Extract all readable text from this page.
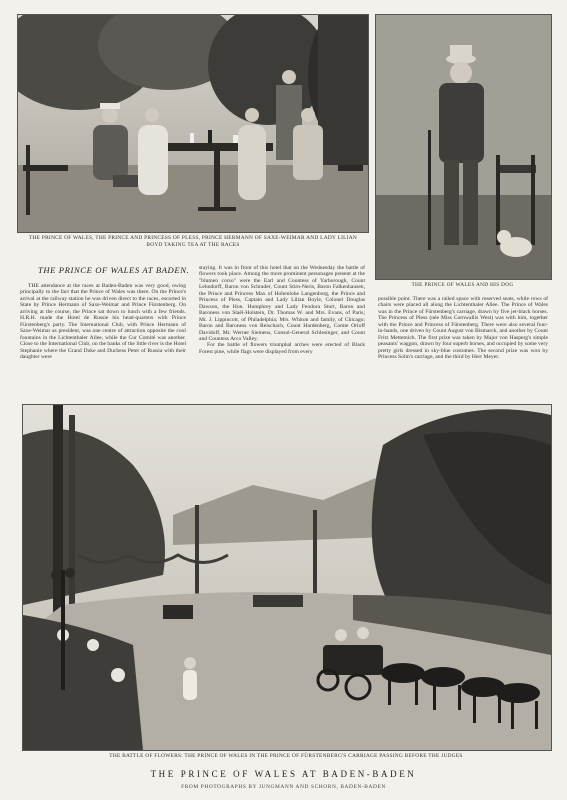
THE PRINCE OF WALES, THE PRINCE AND PRINCESS OF PLESS, PRINCE HERMANN OF SAXE-WEIMAR AND LADY LILIAN BOYD TAKING TEA AT THE RACES
THE PRINCE OF WALES AND HIS DOG
THE PRINCE OF WALES AT BADEN.

THE attendance at the races at Baden-Baden was very good, owing principally to the fact that the Prince of Wales was there. On the Prince's arrival at the railway station he was driven direct to the races, escorted in State by Prince Hermann of Saxe-Weimar and Prince Fürstenberg. On arriving at the course, the Prince sat down to lunch with a few friends. H.R.H. made the Hotel de Russie his head-quarters with Prince Fürstenberg's party. The International Club, with Prince Hermann of Saxe-Weimar as president, was one centre of attraction opposite the cool fountains in the Lichtenthaler Allee, while the Cur Comité was another. Close to the International Club, on the banks of the little river is the Hotel Stephanie where the Grand Duke and Duchess Peter of Russia with their daughter were

staying. It was in front of this hotel that on the Wednesday the battle of flowers took place. Among the more prominent personages present at the "blumen corso" were the Earl and Countess of Yarborough, Count Lehndorff, Baron von Schrader, Count Stirn-Neris, Baron Falkenhausen, the Prince and Princess Max of Hohenlohe Langenburg, the Prince and Princess of Pless, Captain and Lady Lilian Boyle, Colonel Douglas Dawson, the Hon. Humphrey and Lady Feodora Sturt, Baron and Baroness von Staël-Holstein, Dr. Thomas W. and Mrs. Evans, of Paris; Mr. J. Lippincott, of Philadelphia; Mrs. Whiton and family, of Chicago; Baron and Baroness von Reischach, Count Hardenberg, Comte Orloff Davidoff, Mr. Werner Siemens, Consul-General Schlesinger, and Count and Countess Arco Valley.

For the battle of flowers triumphal arches were erected of Black Forest pine, while flags were displayed from every

possible point. There was a railed space with reserved seats, while rows of chairs were placed all along the Lichtenthaler Allee. The Prince of Wales was in the Prince of Fürstenberg's carriage, drawn by five jet-black horses. The Princess of Pless (née Miss Cornwallis West) was with him, together with the Prince and Princess of Fürstenberg. There were also several four-in-hands, one driven by Count August von Bismarck, and another by Count Fritz Mettemich. The first prize was taken by Major von Hasperg's simple peasants' waggon, drawn by four superb horses, and occupied by some very pretty girls dressed in sky-blue costumes. The second prize was won by Princess Solm's carriage, and the third by Herr Meyer.

THE BATTLE OF FLOWERS: THE PRINCE OF WALES IN THE PRINCE OF FÜRSTENBERG'S CARRIAGE PASSING BEFORE THE JUDGES
THE PRINCE OF WALES AT BADEN-BADEN
FROM PHOTOGRAPHS BY JUNGMANN AND SCHORN, BADEN-BADEN
